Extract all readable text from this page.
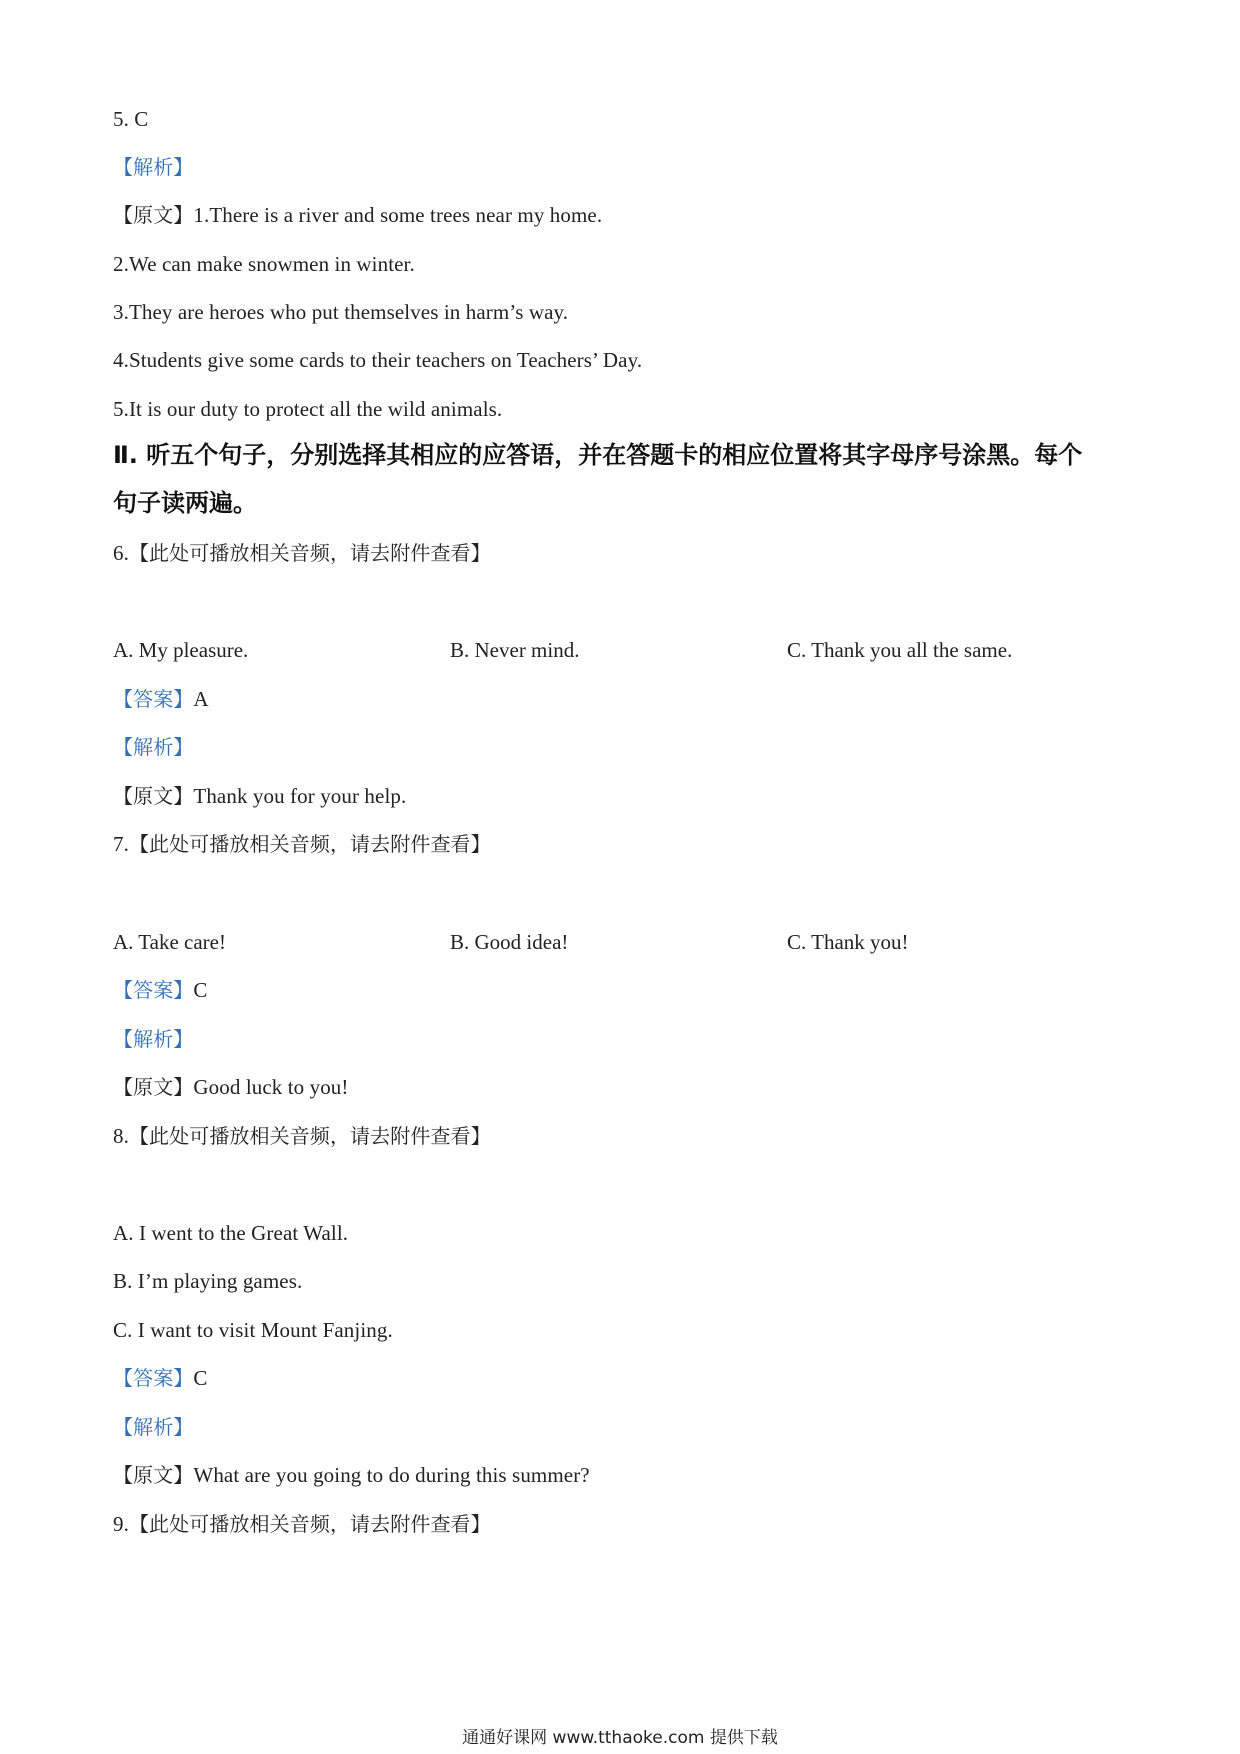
5. C
【解析】
【原文】1.There is a river and some trees near my home.
2.We can make snowmen in winter.
3.They are heroes who put themselves in harm’s way.
4.Students give some cards to their teachers on Teachers’ Day.
5.It is our duty to protect all the wild animals.
Ⅱ. 听五个句子，分别选择其相应的应答语，并在答题卡的相应位置将其字母序号涂黑。每个
句子读两遍。
6.【此处可播放相关音频，请去附件查看】
A. My pleasure.	B. Never mind.	C. Thank you all the same.
【答案】A
【解析】
【原文】Thank you for your help.
7.【此处可播放相关音频，请去附件查看】
A. Take care!	B. Good idea!	C. Thank you!
【答案】C
【解析】
【原文】Good luck to you!
8.【此处可播放相关音频，请去附件查看】
A. I went to the Great Wall.
B. I’m playing games.
C. I want to visit Mount Fanjing.
【答案】C
【解析】
【原文】What are you going to do during this summer?
9.【此处可播放相关音频，请去附件查看】
通通好课网 www.tthaoke.com 提供下载
